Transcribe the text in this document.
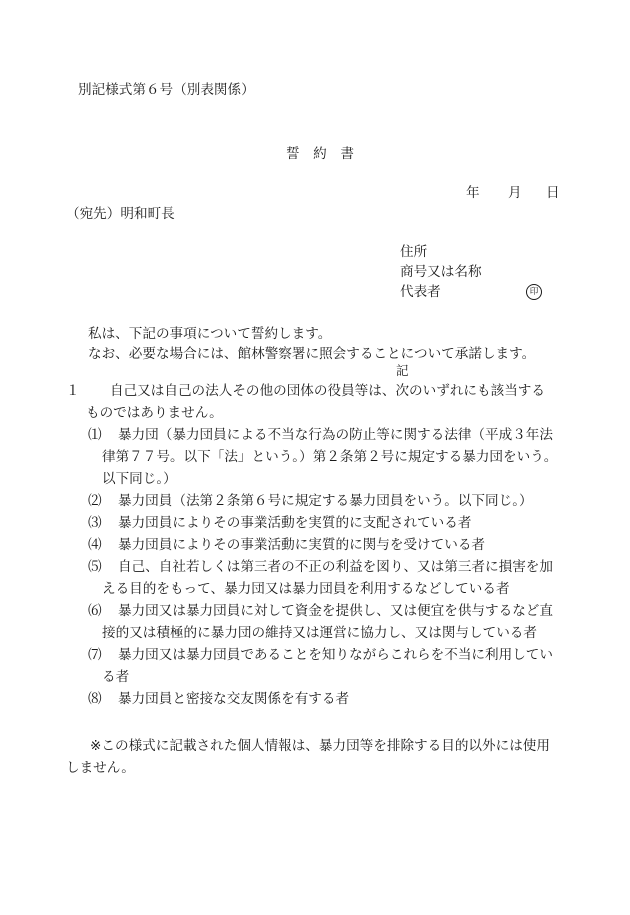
別記様式第６号（別表関係）
誓　約　書
年 月 日
（宛先）明和町長
住所
商号又は名称
代表者	印
私は、下記の事項について誓約します。
なお、必要な場合には、館林警察署に照会することについて承諾します。
記
１	自己又は自己の法人その他の団体の役員等は、次のいずれにも該当するものではありません。
⑴	暴力団（暴力団員による不当な行為の防止等に関する法律（平成３年法律第７７号。以下「法」という。）第２条第２号に規定する暴力団をいう。以下同じ。）
⑵	暴力団員（法第２条第６号に規定する暴力団員をいう。以下同じ。）
⑶	暴力団員によりその事業活動を実質的に支配されている者
⑷	暴力団員によりその事業活動に実質的に関与を受けている者
⑸	自己、自社若しくは第三者の不正の利益を図り、又は第三者に損害を加える目的をもって、暴力団又は暴力団員を利用するなどしている者
⑹	暴力団又は暴力団員に対して資金を提供し、又は便宜を供与するなど直接的又は積極的に暴力団の維持又は運営に協力し、又は関与している者
⑺	暴力団又は暴力団員であることを知りながらこれらを不当に利用している者
⑻	暴力団員と密接な交友関係を有する者
※この様式に記載された個人情報は、暴力団等を排除する目的以外には使用しません。
